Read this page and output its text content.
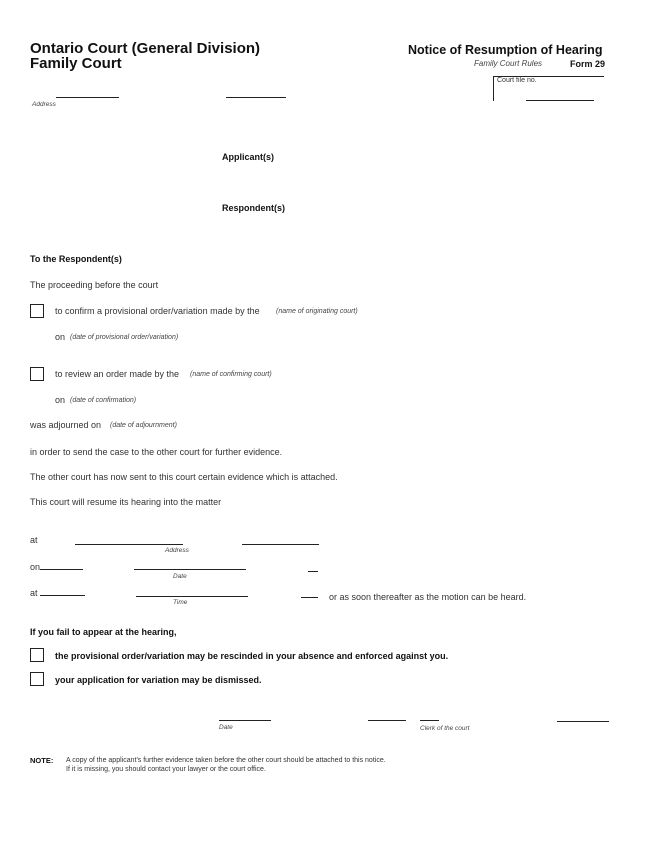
Ontario Court (General Division)
Family Court
Notice of Resumption of Hearing
Family Court Rules	Form 29
Court file no.
Address
Applicant(s)
Respondent(s)
To the Respondent(s)
The proceeding before the court
to confirm a provisional order/variation made by the (name of originating court)
on (date of provisional order/variation)
to review an order made by the (name of confirming court)
on (date of confirmation)
was adjourned on (date of adjournment)
in order to send the case to the other court for further evidence.
The other court has now sent to this court certain evidence which is attached.
This court will resume its hearing into the matter
at
Address
on
Date
at	or as soon thereafter as the motion can be heard.
Time
If you fail to appear at the hearing,
the provisional order/variation may be rescinded in your absence and enforced against you.
your application for variation may be dismissed.
Date	Clerk of the court
NOTE: A copy of the applicant's further evidence taken before the other court should be attached to this notice.
If it is missing, you should contact your lawyer or the court office.
